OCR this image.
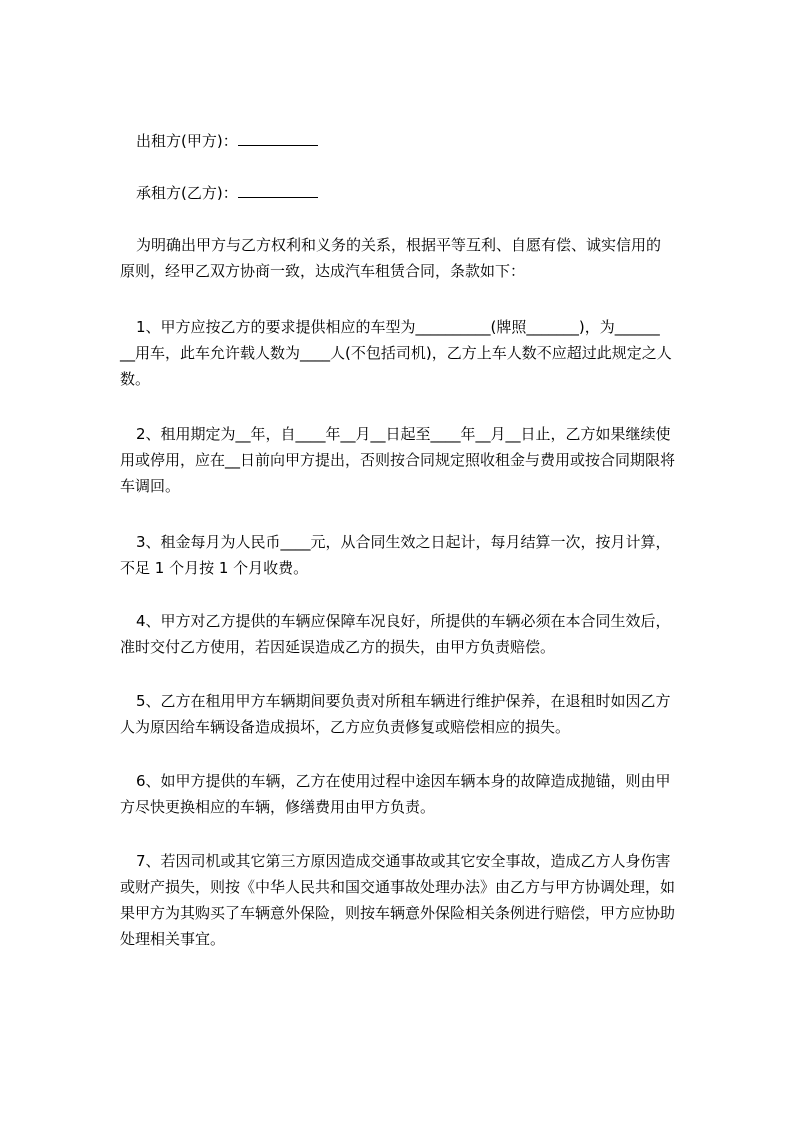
出租方(甲方)：

承租方(乙方)：

为明确出甲方与乙方权利和义务的关系，根据平等互利、自愿有偿、诚实信用的

原则，经甲乙双方协商一致，达成汽车租赁合同，条款如下：

1、甲方应按乙方的要求提供相应的车型为__________(牌照_______)，为______

__用车，此车允许载人数为____人(不包括司机)，乙方上车人数不应超过此规定之人

数。

2、租用期定为__年，自____年__月__日起至____年__月__日止，乙方如果继续使

用或停用，应在__日前向甲方提出，否则按合同规定照收租金与费用或按合同期限将

车调回。

3、租金每月为人民币____元，从合同生效之日起计，每月结算一次，按月计算，

不足 1 个月按 1 个月收费。

4、甲方对乙方提供的车辆应保障车况良好，所提供的车辆必须在本合同生效后，

准时交付乙方使用，若因延误造成乙方的损失，由甲方负责赔偿。

5、乙方在租用甲方车辆期间要负责对所租车辆进行维护保养，在退租时如因乙方

人为原因给车辆设备造成损坏，乙方应负责修复或赔偿相应的损失。

6、如甲方提供的车辆，乙方在使用过程中途因车辆本身的故障造成抛锚，则由甲

方尽快更换相应的车辆，修缮费用由甲方负责。

7、若因司机或其它第三方原因造成交通事故或其它安全事故，造成乙方人身伤害

或财产损失，则按《中华人民共和国交通事故处理办法》由乙方与甲方协调处理，如

果甲方为其购买了车辆意外保险，则按车辆意外保险相关条例进行赔偿，甲方应协助

处理相关事宜。
